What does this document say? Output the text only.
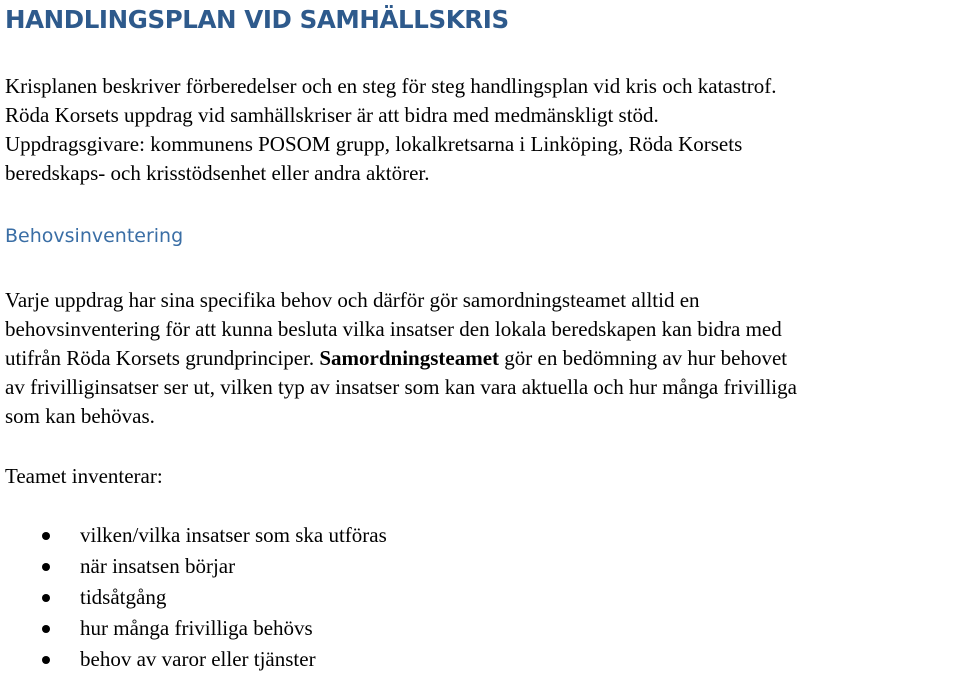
HANDLINGSPLAN VID SAMHÄLLSKRIS

Krisplanen beskriver förberedelser och en steg för steg handlingsplan vid kris och katastrof.
Röda Korsets uppdrag vid samhällskriser är att bidra med medmänskligt stöd.
Uppdragsgivare: kommunens POSOM grupp, lokalkretsarna i Linköping, Röda Korsets
beredskaps- och krisstödsenhet eller andra aktörer.

Behovsinventering

Varje uppdrag har sina specifika behov och därför gör samordningsteamet alltid en
behovsinventering för att kunna besluta vilka insatser den lokala beredskapen kan bidra med
utifrån Röda Korsets grundprinciper. Samordningsteamet gör en bedömning av hur behovet
av frivilliginsatser ser ut, vilken typ av insatser som kan vara aktuella och hur många frivilliga
som kan behövas.

Teamet inventerar:

vilken/vilka insatser som ska utföras
när insatsen börjar
tidsåtgång
hur många frivilliga behövs
behov av varor eller tjänster
